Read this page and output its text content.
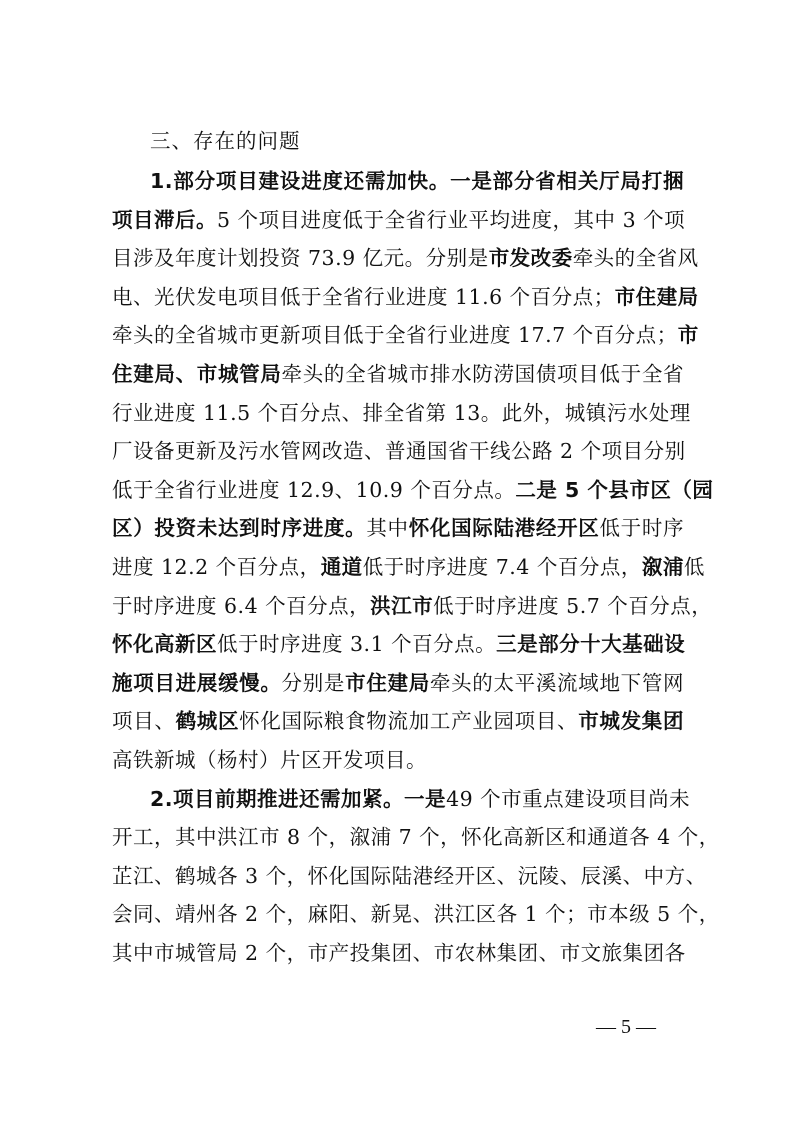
三、存在的问题
1.部分项目建设进度还需加快。一是部分省相关厅局打捆
项目滞后。5 个项目进度低于全省行业平均进度，其中 3 个项
目涉及年度计划投资 73.9 亿元。分别是市发改委牵头的全省风
电、光伏发电项目低于全省行业进度 11.6 个百分点；市住建局
牵头的全省城市更新项目低于全省行业进度 17.7 个百分点；市
住建局、市城管局牵头的全省城市排水防涝国债项目低于全省
行业进度 11.5 个百分点、排全省第 13。此外，城镇污水处理
厂设备更新及污水管网改造、普通国省干线公路 2 个项目分别
低于全省行业进度 12.9、10.9 个百分点。二是 5 个县市区（园
区）投资未达到时序进度。其中怀化国际陆港经开区低于时序
进度 12.2 个百分点，通道低于时序进度 7.4 个百分点，溆浦低
于时序进度 6.4 个百分点，洪江市低于时序进度 5.7 个百分点，
怀化高新区低于时序进度 3.1 个百分点。三是部分十大基础设
施项目进展缓慢。分别是市住建局牵头的太平溪流域地下管网
项目、鹤城区怀化国际粮食物流加工产业园项目、市城发集团
高铁新城（杨村）片区开发项目。
2.项目前期推进还需加紧。一是49 个市重点建设项目尚未
开工，其中洪江市 8 个，溆浦 7 个，怀化高新区和通道各 4 个，
芷江、鹤城各 3 个，怀化国际陆港经开区、沅陵、辰溪、中方、
会同、靖州各 2 个，麻阳、新晃、洪江区各 1 个；市本级 5 个，
其中市城管局 2 个，市产投集团、市农林集团、市文旅集团各
— 5 —
